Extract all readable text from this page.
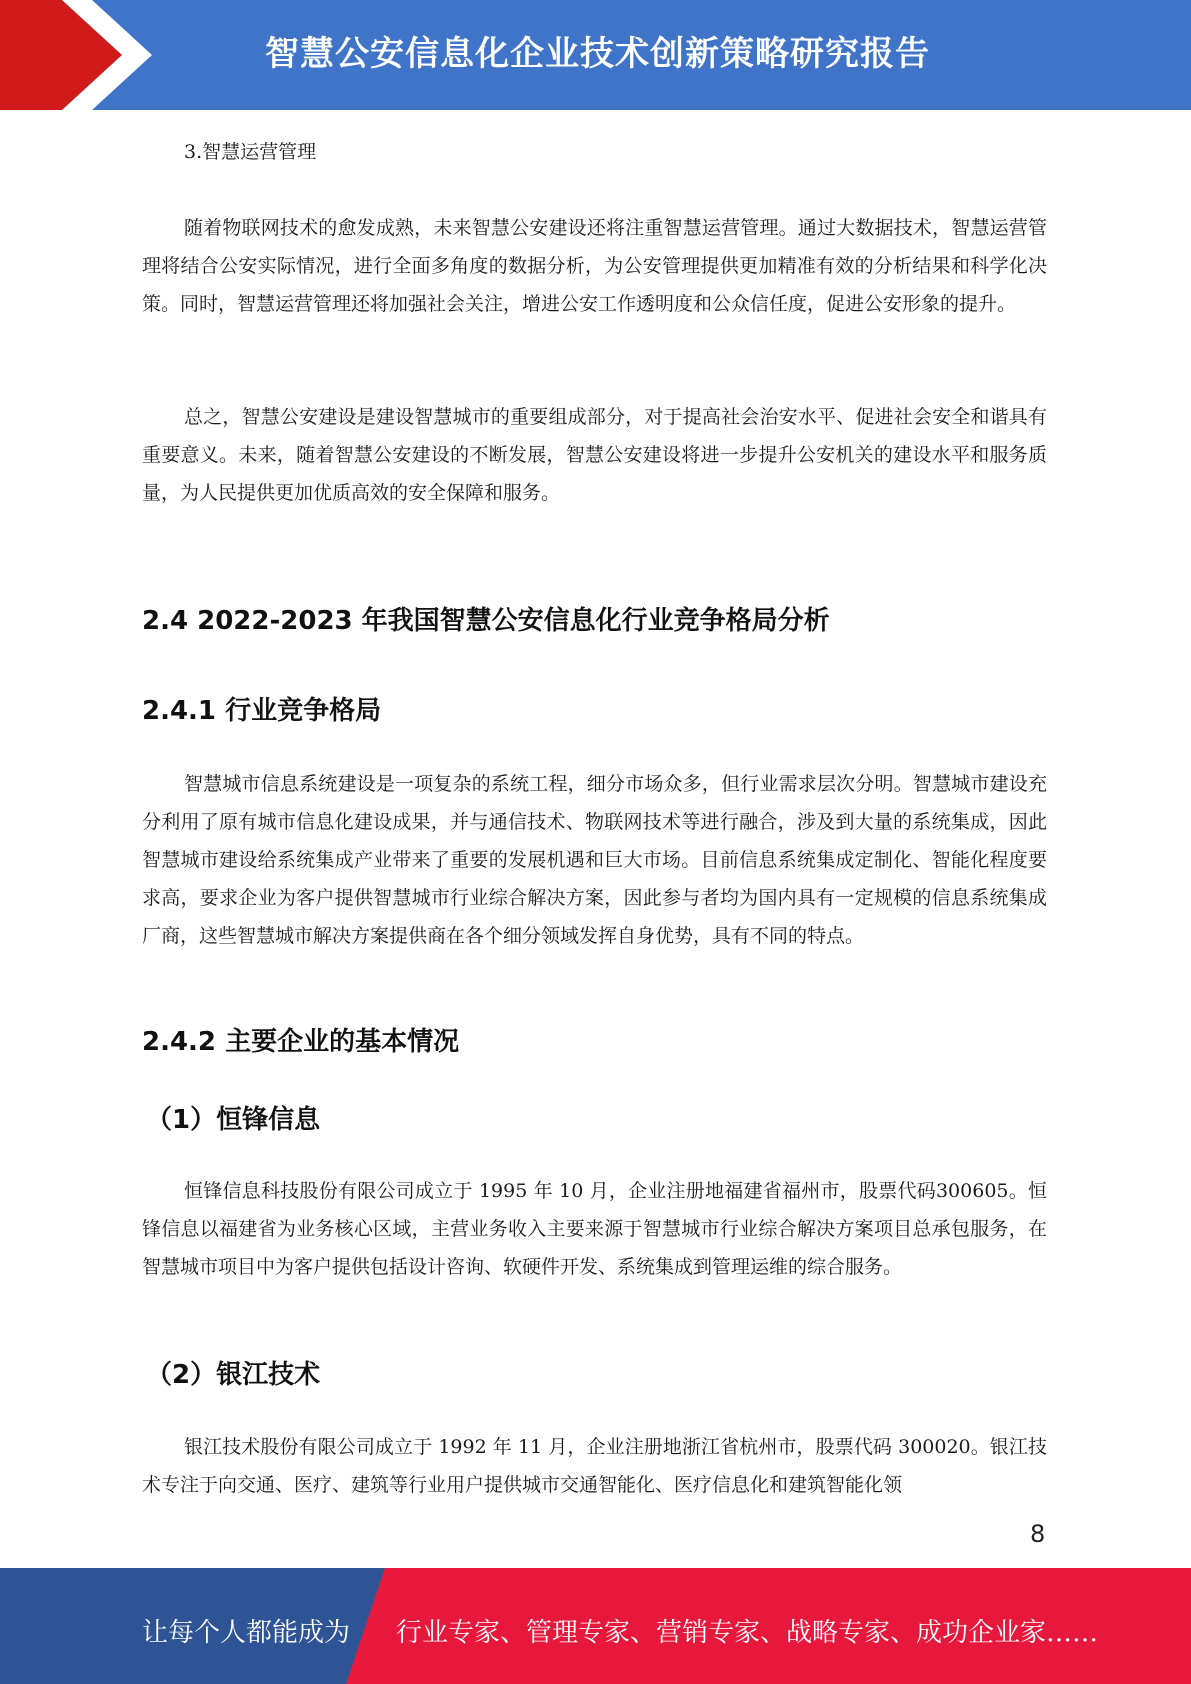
智慧公安信息化企业技术创新策略研究报告
3.智慧运营管理

随着物联网技术的愈发成熟，未来智慧公安建设还将注重智慧运营管理。通过大数据技术，智慧运营管理将结合公安实际情况，进行全面多角度的数据分析，为公安管理提供更加精准有效的分析结果和科学化决策。同时，智慧运营管理还将加强社会关注，增进公安工作透明度和公众信任度，促进公安形象的提升。

总之，智慧公安建设是建设智慧城市的重要组成部分，对于提高社会治安水平、促进社会安全和谐具有重要意义。未来，随着智慧公安建设的不断发展，智慧公安建设将进一步提升公安机关的建设水平和服务质量，为人民提供更加优质高效的安全保障和服务。

2.4 2022-2023 年我国智慧公安信息化行业竞争格局分析
2.4.1 行业竞争格局

智慧城市信息系统建设是一项复杂的系统工程，细分市场众多，但行业需求层次分明。智慧城市建设充分利用了原有城市信息化建设成果，并与通信技术、物联网技术等进行融合，涉及到大量的系统集成，因此智慧城市建设给系统集成产业带来了重要的发展机遇和巨大市场。目前信息系统集成定制化、智能化程度要求高，要求企业为客户提供智慧城市行业综合解决方案，因此参与者均为国内具有一定规模的信息系统集成厂商，这些智慧城市解决方案提供商在各个细分领域发挥自身优势，具有不同的特点。

2.4.2 主要企业的基本情况
（1）恒锋信息

恒锋信息科技股份有限公司成立于 1995 年 10 月，企业注册地福建省福州市，股票代码300605。恒锋信息以福建省为业务核心区域，主营业务收入主要来源于智慧城市行业综合解决方案项目总承包服务，在智慧城市项目中为客户提供包括设计咨询、软硬件开发、系统集成到管理运维的综合服务。

（2）银江技术

银江技术股份有限公司成立于 1992 年 11 月，企业注册地浙江省杭州市，股票代码 300020。银江技术专注于向交通、医疗、建筑等行业用户提供城市交通智能化、医疗信息化和建筑智能化领

8
让每个人都能成为 行业专家、管理专家、营销专家、战略专家、成功企业家……
